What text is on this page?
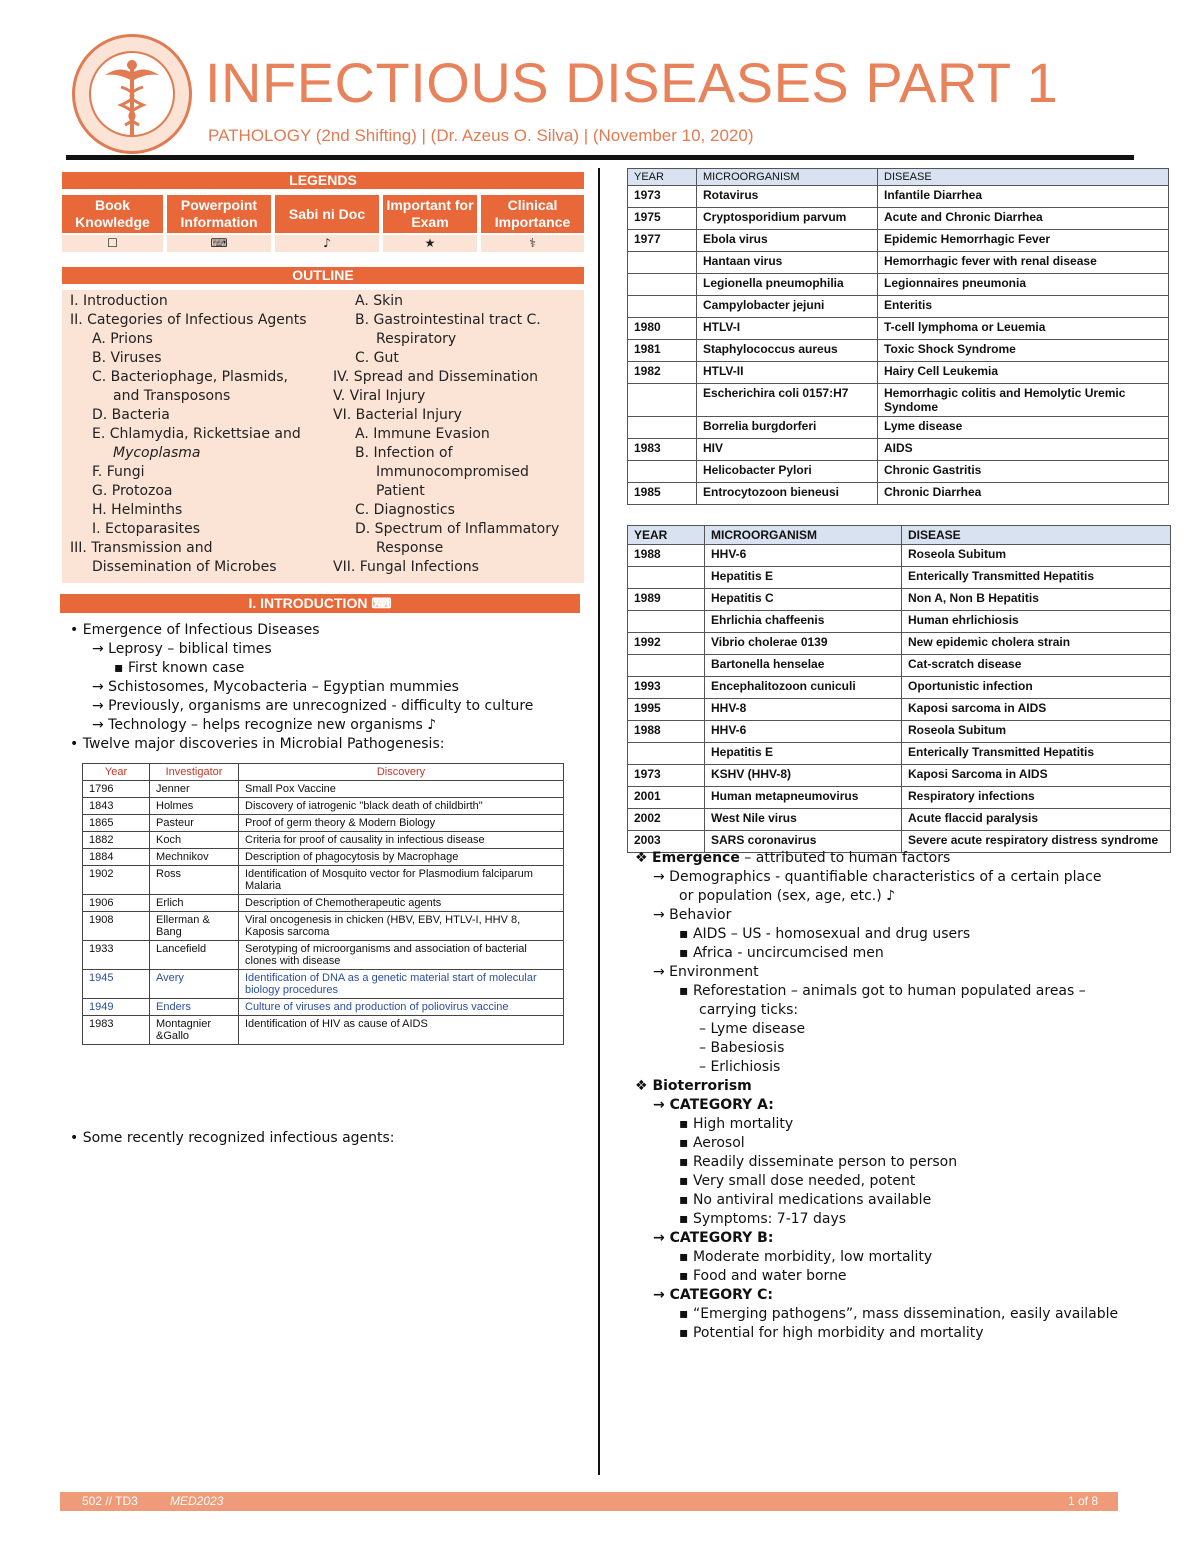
INFECTIOUS DISEASES PART 1
PATHOLOGY (2nd Shifting) | (Dr. Azeus O. Silva) | (November 10, 2020)
LEGENDS
Book Knowledge
Powerpoint Information
Sabi ni Doc
Important for Exam
Clinical Importance
☐	⌨	♪	★	⚕
OUTLINE
I. Introduction
II. Categories of Infectious Agents
A. Prions
B. Viruses
C. Bacteriophage, Plasmids,
and Transposons
D. Bacteria
E. Chlamydia, Rickettsiae and
Mycoplasma
F. Fungi
G. Protozoa
H. Helminths
I. Ectoparasites
III. Transmission and
Dissemination of Microbes
A. Skin
B. Gastrointestinal tract C.
Respiratory
C. Gut
IV. Spread and Dissemination
V. Viral Injury
VI. Bacterial Injury
A. Immune Evasion
B. Infection of
Immunocompromised
Patient
C. Diagnostics
D. Spectrum of Inflammatory
Response
VII. Fungal Infections
I. INTRODUCTION ⌨
• Emergence of Infectious Diseases
→ Leprosy – biblical times
▪ First known case
→ Schistosomes, Mycobacteria – Egyptian mummies
→ Previously, organisms are unrecognized - difficulty to culture
→ Technology – helps recognize new organisms ♪
• Twelve major discoveries in Microbial Pathogenesis:
Year	Investigator	Discovery
1796	Jenner	Small Pox Vaccine
1843	Holmes	Discovery of iatrogenic "black death of childbirth"
1865	Pasteur	Proof of germ theory & Modern Biology
1882	Koch	Criteria for proof of causality in infectious disease
1884	Mechnikov	Description of phagocytosis by Macrophage
1902	Ross	Identification of Mosquito vector for Plasmodium falciparum Malaria
1906	Erlich	Description of Chemotherapeutic agents
1908	Ellerman & Bang	Viral oncogenesis in chicken (HBV, EBV, HTLV-I, HHV 8, Kaposis sarcoma
1933	Lancefield	Serotyping of microorganisms and association of bacterial clones with disease
1945	Avery	Identification of DNA as a genetic material start of molecular biology procedures
1949	Enders	Culture of viruses and production of poliovirus vaccine
1983	Montagnier &Gallo	Identification of HIV as cause of AIDS
• Some recently recognized infectious agents:
YEAR	MICROORGANISM	DISEASE
1973	Rotavirus	Infantile Diarrhea
1975	Cryptosporidium parvum	Acute and Chronic Diarrhea
1977	Ebola virus	Epidemic Hemorrhagic Fever
	Hantaan virus	Hemorrhagic fever with renal disease
	Legionella pneumophilia	Legionnaires pneumonia
	Campylobacter jejuni	Enteritis
1980	HTLV-I	T-cell lymphoma or Leuemia
1981	Staphylococcus aureus	Toxic Shock Syndrome
1982	HTLV-II	Hairy Cell Leukemia
	Escherichira coli 0157:H7	Hemorrhagic colitis and Hemolytic Uremic Syndome
	Borrelia burgdorferi	Lyme disease
1983	HIV	AIDS
	Helicobacter Pylori	Chronic Gastritis
1985	Entrocytozoon bieneusi	Chronic Diarrhea
YEAR	MICROORGANISM	DISEASE
1988	HHV-6	Roseola Subitum
	Hepatitis E	Enterically Transmitted Hepatitis
1989	Hepatitis C	Non A, Non B Hepatitis
	Ehrlichia chaffeenis	Human ehrlichiosis
1992	Vibrio cholerae 0139	New epidemic cholera strain
	Bartonella henselae	Cat-scratch disease
1993	Encephalitozoon cuniculi	Oportunistic infection
1995	HHV-8	Kaposi sarcoma in AIDS
1988	HHV-6	Roseola Subitum
	Hepatitis E	Enterically Transmitted Hepatitis
1973	KSHV (HHV-8)	Kaposi Sarcoma in AIDS
2001	Human metapneumovirus	Respiratory infections
2002	West Nile virus	Acute flaccid paralysis
2003	SARS coronavirus	Severe acute respiratory distress syndrome
❖ Emergence – attributed to human factors
→ Demographics - quantifiable characteristics of a certain place
or population (sex, age, etc.) ♪
→ Behavior
▪ AIDS – US - homosexual and drug users
▪ Africa - uncircumcised men
→ Environment
▪ Reforestation – animals got to human populated areas –
carrying ticks:
– Lyme disease
– Babesiosis
– Erlichiosis
❖ Bioterrorism
→ CATEGORY A:
▪ High mortality
▪ Aerosol
▪ Readily disseminate person to person
▪ Very small dose needed, potent
▪ No antiviral medications available
▪ Symptoms: 7-17 days
→ CATEGORY B:
▪ Moderate morbidity, low mortality
▪ Food and water borne
→ CATEGORY C:
▪ “Emerging pathogens”, mass dissemination, easily available
▪ Potential for high morbidity and mortality
502 // TD3	MED2023	1 of 8
